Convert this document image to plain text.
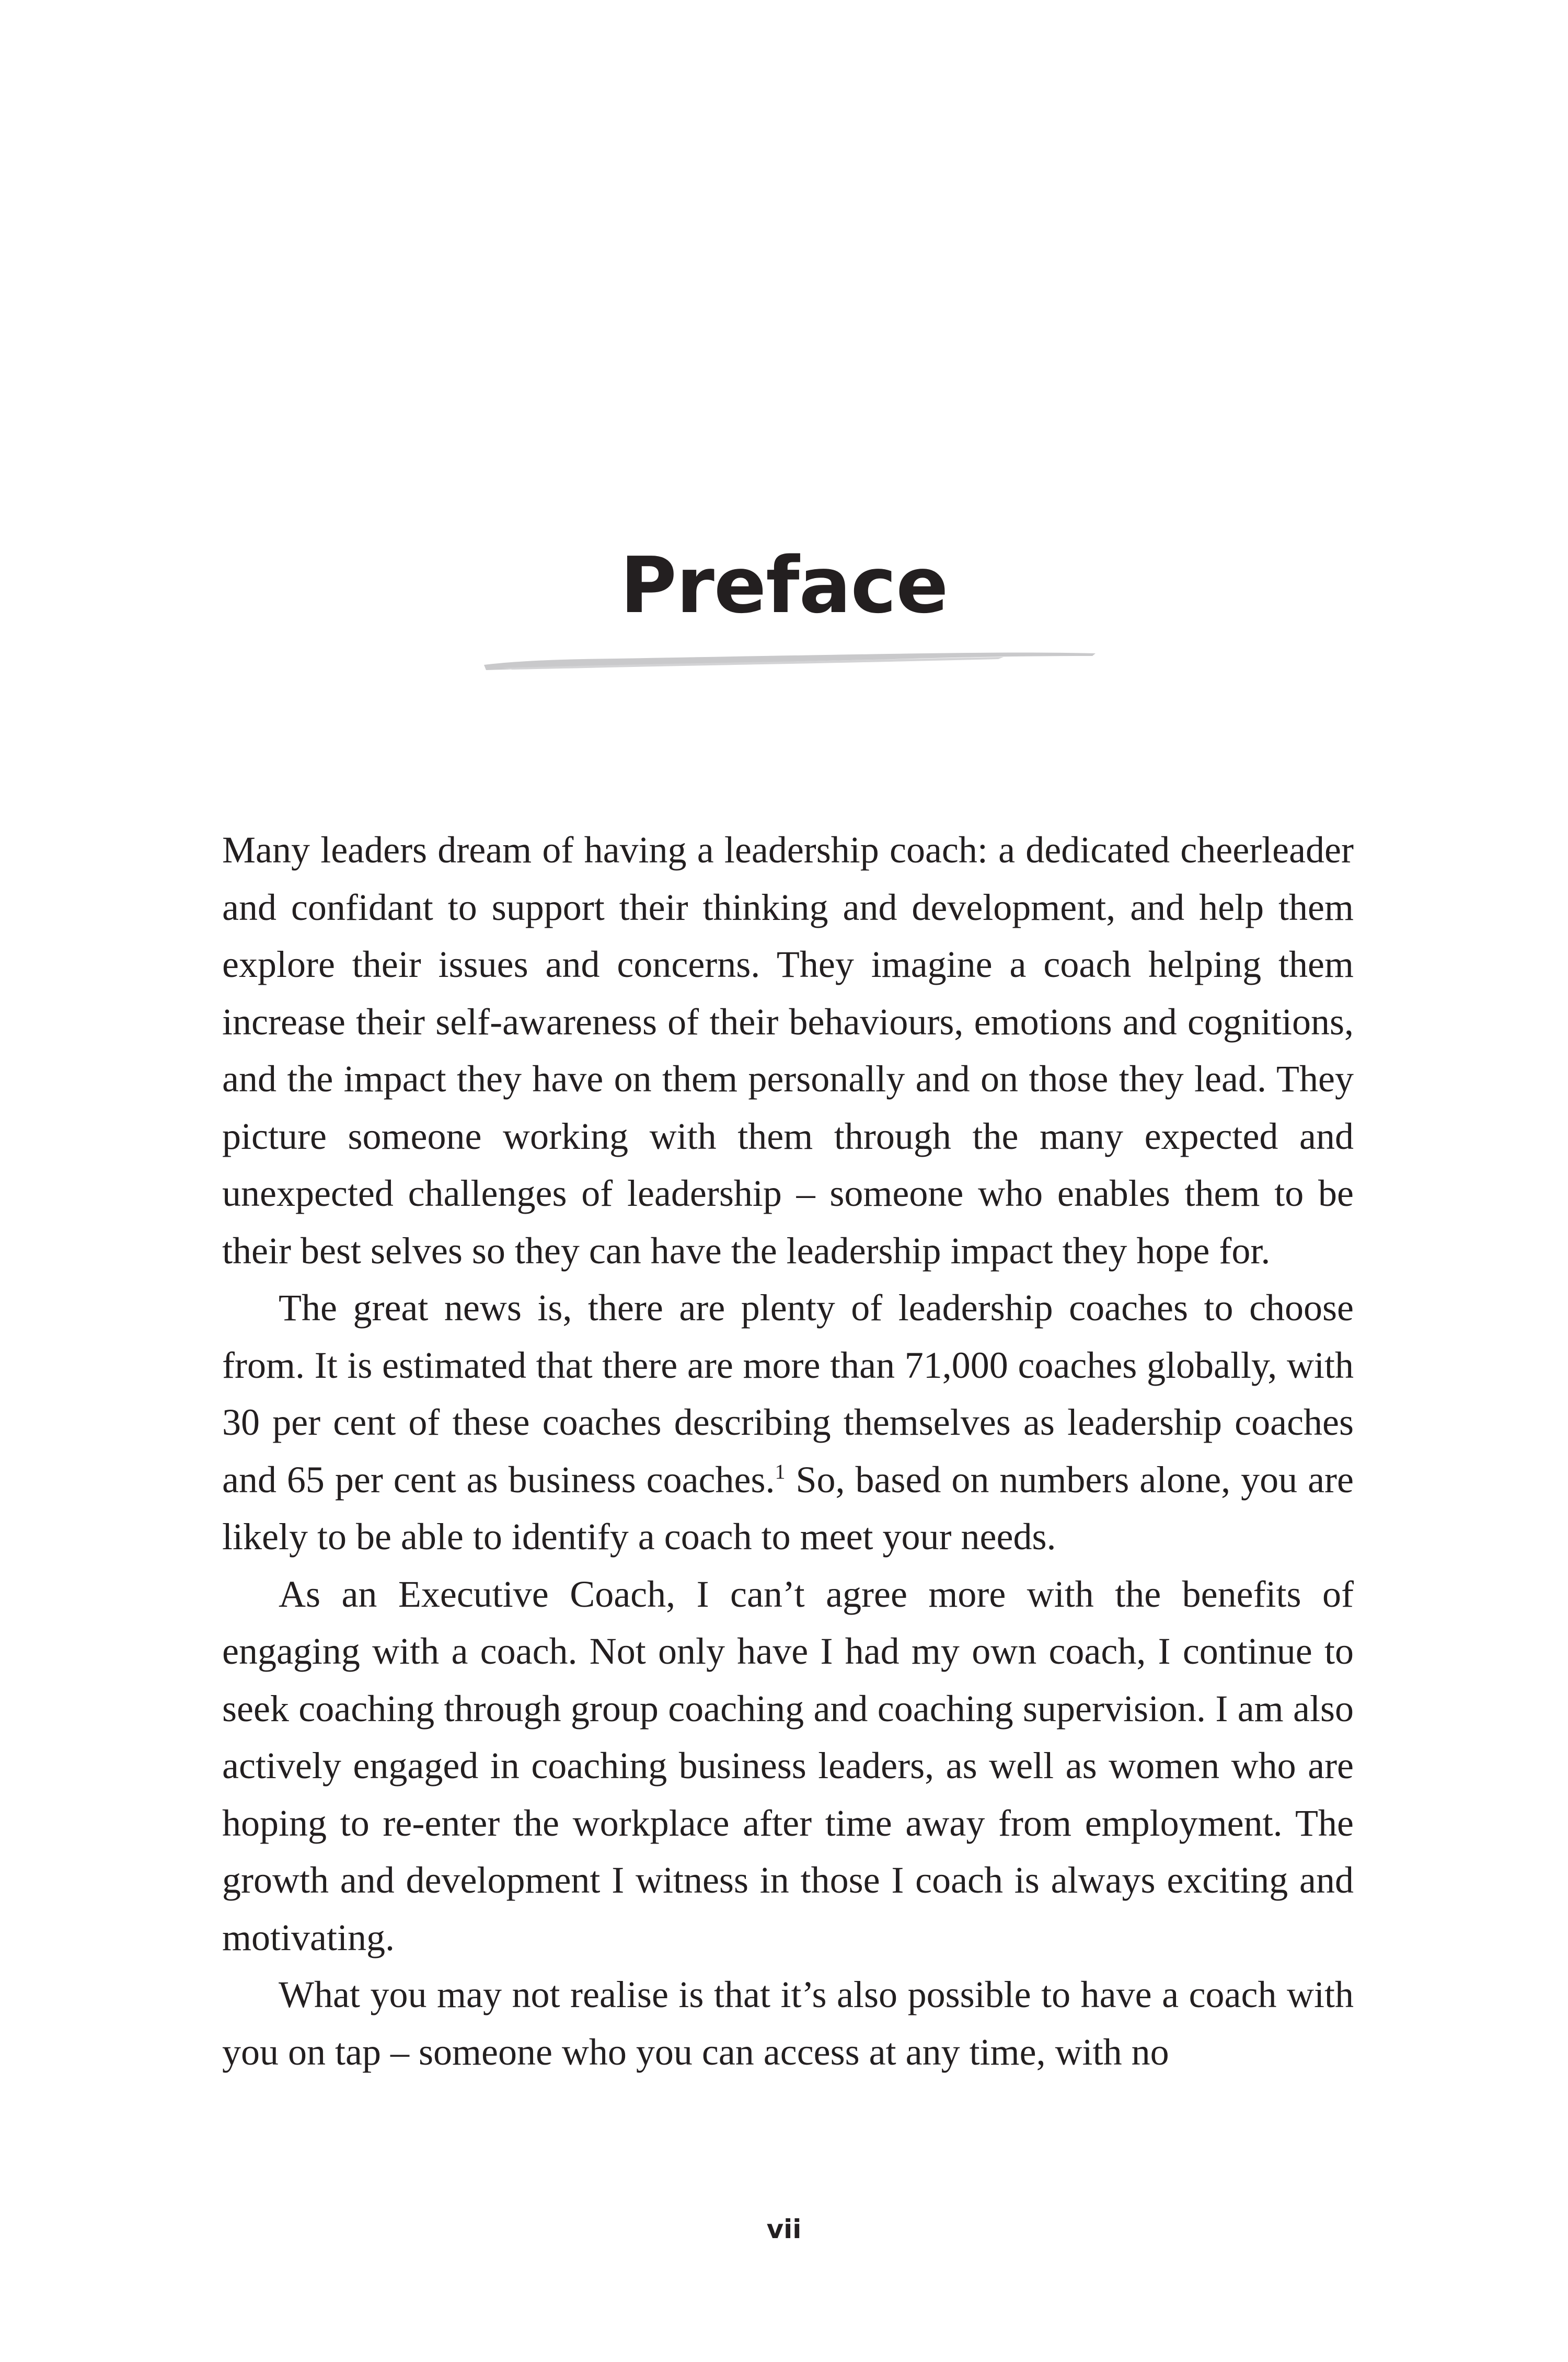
Preface

Many leaders dream of having a leadership coach: a dedicated cheerleader and confidant to support their thinking and development, and help them explore their issues and concerns. They imagine a coach helping them increase their self-awareness of their behaviours, emotions and cognitions, and the impact they have on them personally and on those they lead. They picture someone working with them through the many expected and unexpected challenges of leadership – someone who enables them to be their best selves so they can have the leadership impact they hope for.

The great news is, there are plenty of leadership coaches to choose from. It is estimated that there are more than 71,000 coaches globally, with 30 per cent of these coaches describing themselves as leadership coaches and 65 per cent as business coaches.$^1$ So, based on numbers alone, you are likely to be able to identify a coach to meet your needs.

As an Executive Coach, I can’t agree more with the benefits of engaging with a coach. Not only have I had my own coach, I continue to seek coaching through group coaching and coaching supervision. I am also actively engaged in coaching business leaders, as well as women who are hoping to re-enter the workplace after time away from employment. The growth and development I witness in those I coach is always exciting and motivating.

What you may not realise is that it’s also possible to have a coach with you on tap – someone who you can access at any time, with no

vii
